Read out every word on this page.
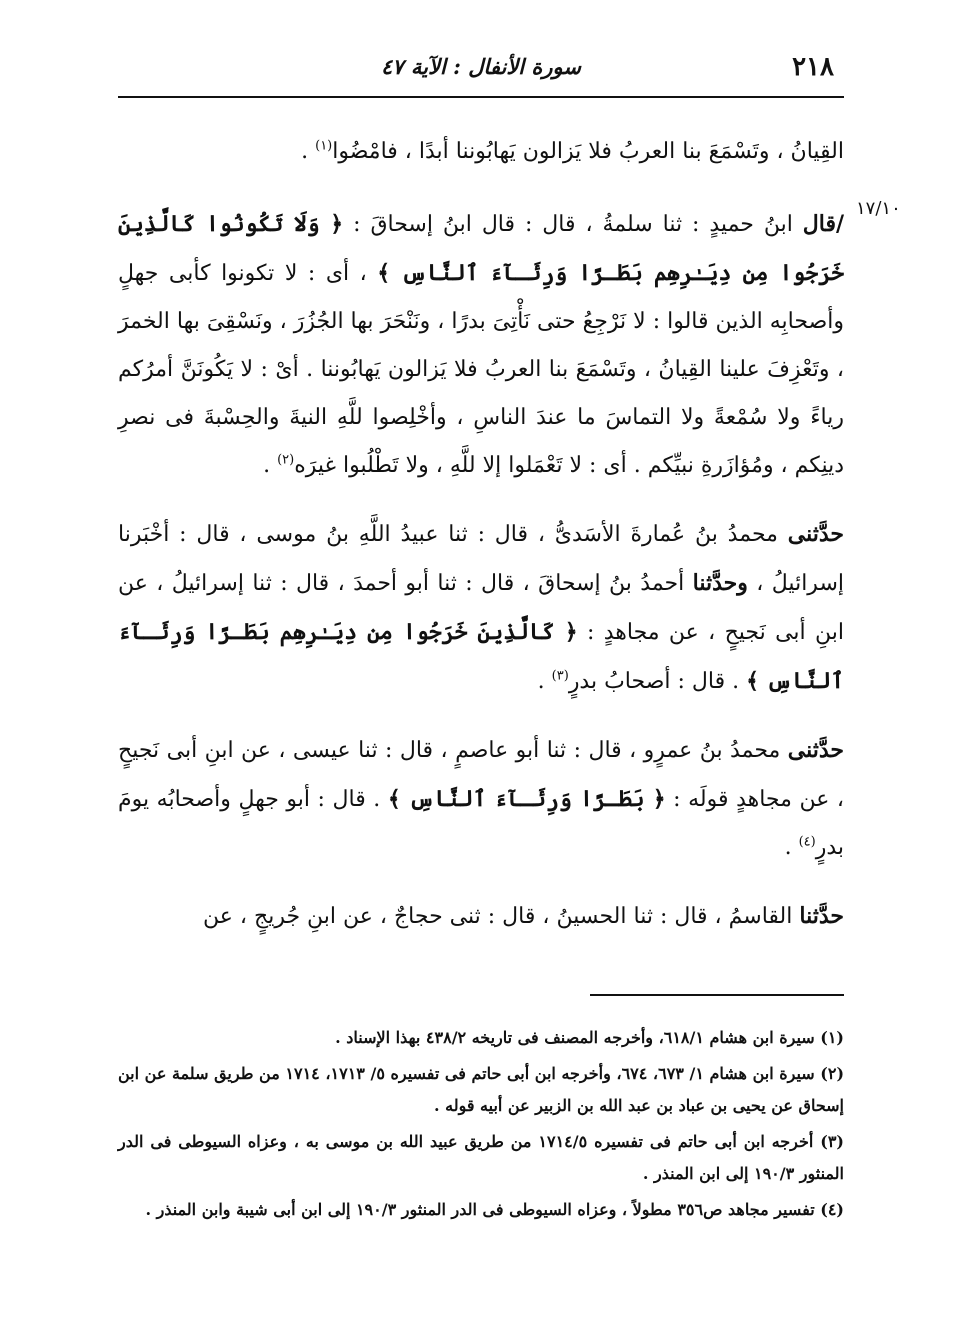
٢١٨
سورة الأنفال : الآية ٤٧
١٧/١٠

القِيانُ ، وتَسْمَعَ بنا العربُ فلا يَزالون يَهابُوننا أبدًا ، فامْضُوا$^{(١)}$ .

/قال ابنُ حميدٍ : ثنا سلمةُ ، قال : قال ابنُ إسحاقَ : ﴿ وَلَا تَكُونُوا كَالَّذِينَ خَرَجُوا مِن دِيَـٰرِهِم بَطَـرًا وَرِئَـآءَ ٱلنَّاسِ ﴾ ، أى : لا تكونوا كأبى جهلٍ وأصحابِه الذين قالوا : لا نَرْجِعُ حتى نَأْتِىَ بدرًا ، ونَنْحَرَ بها الجُزُرَ ، ونَسْقِىَ بها الخمرَ ، وتَعْزِفَ علينا القِيانُ ، وتَسْمَعَ بنا العربُ فلا يَزالون يَهابُوننا . أىْ : لا يَكُونَنَّ أمرُكم رياءً ولا سُمْعةً ولا التماسَ ما عندَ الناسِ ، وأخْلِصوا للَّهِ النيةَ والحِسْبةَ فى نصرِ دينِكم ، ومُؤازَرةِ نبيِّكم . أى : لا تَعْمَلوا إلا للَّهِ ، ولا تَطْلُبوا غيرَه$^{(٢)}$ .

حدَّثنى محمدُ بنُ عُمارةَ الأسَدىُّ ، قال : ثنا عبيدُ اللَّهِ بنُ موسى ، قال : أخْبَرنا إسرائيلُ ، وحدَّثنا أحمدُ بنُ إسحاقَ ، قال : ثنا أبو أحمدَ ، قال : ثنا إسرائيلُ ، عن ابنِ أبى نَجيحٍ ، عن مجاهدٍ : ﴿ كَالَّذِينَ خَرَجُوا مِن دِيَـٰرِهِم بَطَـرًا وَرِئَـآءَ ٱلنَّاسِ ﴾ . قال : أصحابُ بدرٍ$^{(٣)}$ .

حدَّثنى محمدُ بنُ عمرٍو ، قال : ثنا أبو عاصمٍ ، قال : ثنا عيسى ، عن ابنِ أبى نَجيحٍ ، عن مجاهدٍ قولَه : ﴿ بَطَـرًا وَرِئَـآءَ ٱلنَّاسِ ﴾ . قال : أبو جهلٍ وأصحابُه يومَ بدرٍ$^{(٤)}$ .

حدَّثنا القاسمُ ، قال : ثنا الحسينُ ، قال : ثنى حجاجٌ ، عن ابنِ جُريجٍ ، عن

(١) سيرة ابن هشام ٦١٨/١، وأخرجه المصنف فى تاريخه ٤٣٨/٢ بهذا الإسناد .

(٢) سيرة ابن هشام ١/ ٦٧٣، ٦٧٤، وأخرجه ابن أبى حاتم فى تفسيره ٥/ ١٧١٣، ١٧١٤ من طريق سلمة عن ابن إسحاق عن يحيى بن عباد بن عبد الله بن الزبير عن أبيه قوله .

(٣) أخرجه ابن أبى حاتم فى تفسيره ١٧١٤/٥ من طريق عبيد الله بن موسى به ، وعزاه السيوطى فى الدر المنثور ١٩٠/٣ إلى ابن المنذر .

(٤) تفسير مجاهد ص٣٥٦ مطولاً ، وعزاه السيوطى فى الدر المنثور ١٩٠/٣ إلى ابن أبى شيبة وابن المنذر .
